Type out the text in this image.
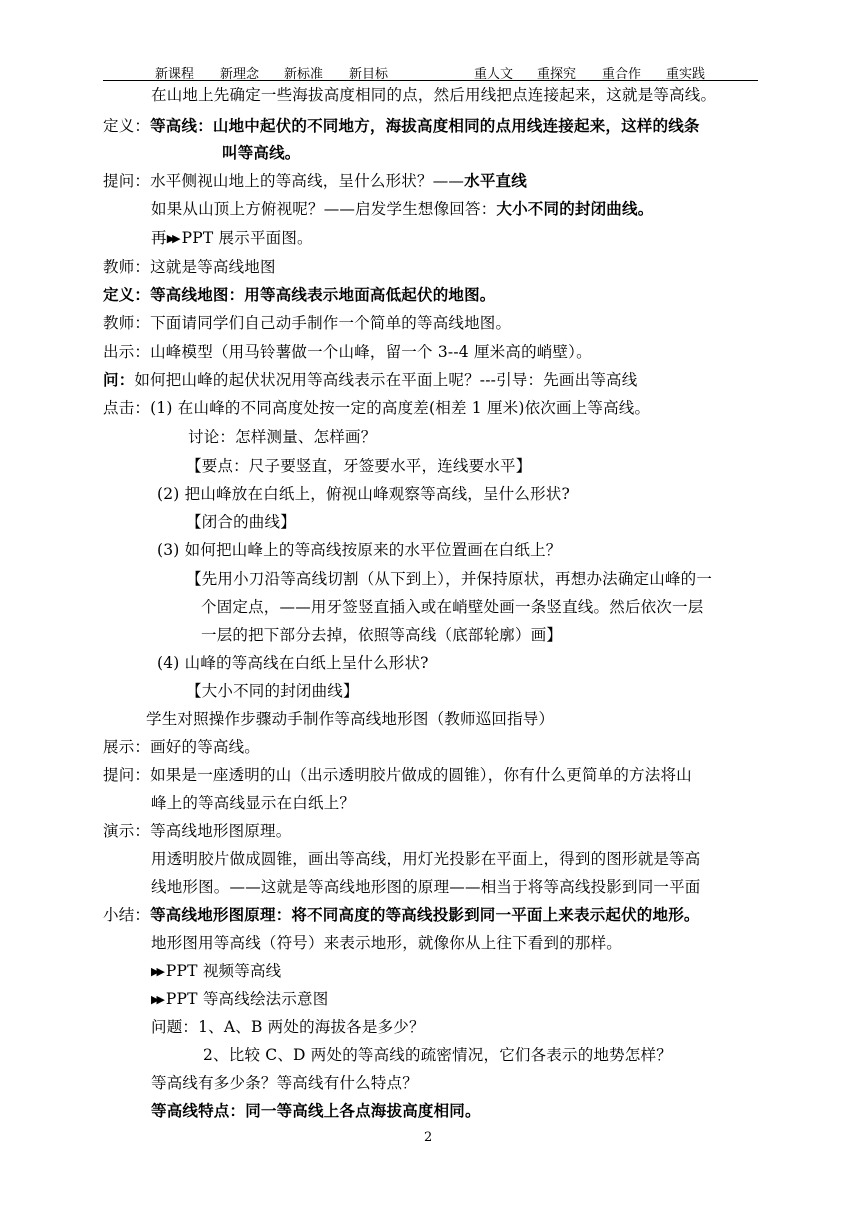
新课程 新理念 新标准 新目标	重人文 重探究 重合作 重实践
在山地上先确定一些海拔高度相同的点，然后用线把点连接起来，这就是等高线。
定义：等高线：山地中起伏的不同地方，海拔高度相同的点用线连接起来，这样的线条
叫等高线。
提问：水平侧视山地上的等高线，呈什么形状？——水平直线
如果从山顶上方俯视呢？——启发学生想像回答：大小不同的封闭曲线。
再▶▶ PPT 展示平面图。
教师：这就是等高线地图
定义：等高线地图：用等高线表示地面高低起伏的地图。
教师：下面请同学们自己动手制作一个简单的等高线地图。
出示：山峰模型（用马铃薯做一个山峰，留一个 3--4 厘米高的峭壁）。
问：如何把山峰的起伏状况用等高线表示在平面上呢？---引导：先画出等高线
点击：(1) 在山峰的不同高度处按一定的高度差(相差 1 厘米)依次画上等高线。
讨论：怎样测量、怎样画？
【要点：尺子要竖直，牙签要水平，连线要水平】
(2) 把山峰放在白纸上，俯视山峰观察等高线，呈什么形状?
【闭合的曲线】
(3) 如何把山峰上的等高线按原来的水平位置画在白纸上？
【先用小刀沿等高线切割（从下到上），并保持原状，再想办法确定山峰的一
个固定点，——用牙签竖直插入或在峭壁处画一条竖直线。然后依次一层
一层的把下部分去掉，依照等高线（底部轮廓）画】
(4) 山峰的等高线在白纸上呈什么形状?
【大小不同的封闭曲线】
学生对照操作步骤动手制作等高线地形图（教师巡回指导）
展示：画好的等高线。
提问：如果是一座透明的山（出示透明胶片做成的圆锥），你有什么更简单的方法将山
峰上的等高线显示在白纸上？
演示：等高线地形图原理。
用透明胶片做成圆锥，画出等高线，用灯光投影在平面上，得到的图形就是等高
线地形图。——这就是等高线地形图的原理——相当于将等高线投影到同一平面
小结：等高线地形图原理：将不同高度的等高线投影到同一平面上来表示起伏的地形。
地形图用等高线（符号）来表示地形，就像你从上往下看到的那样。
▶▶ PPT 视频等高线
▶▶ PPT 等高线绘法示意图
问题：1、A、B 两处的海拔各是多少？
2、比较 C、D 两处的等高线的疏密情况，它们各表示的地势怎样？
等高线有多少条？等高线有什么特点？
等高线特点：同一等高线上各点海拔高度相同。
2
